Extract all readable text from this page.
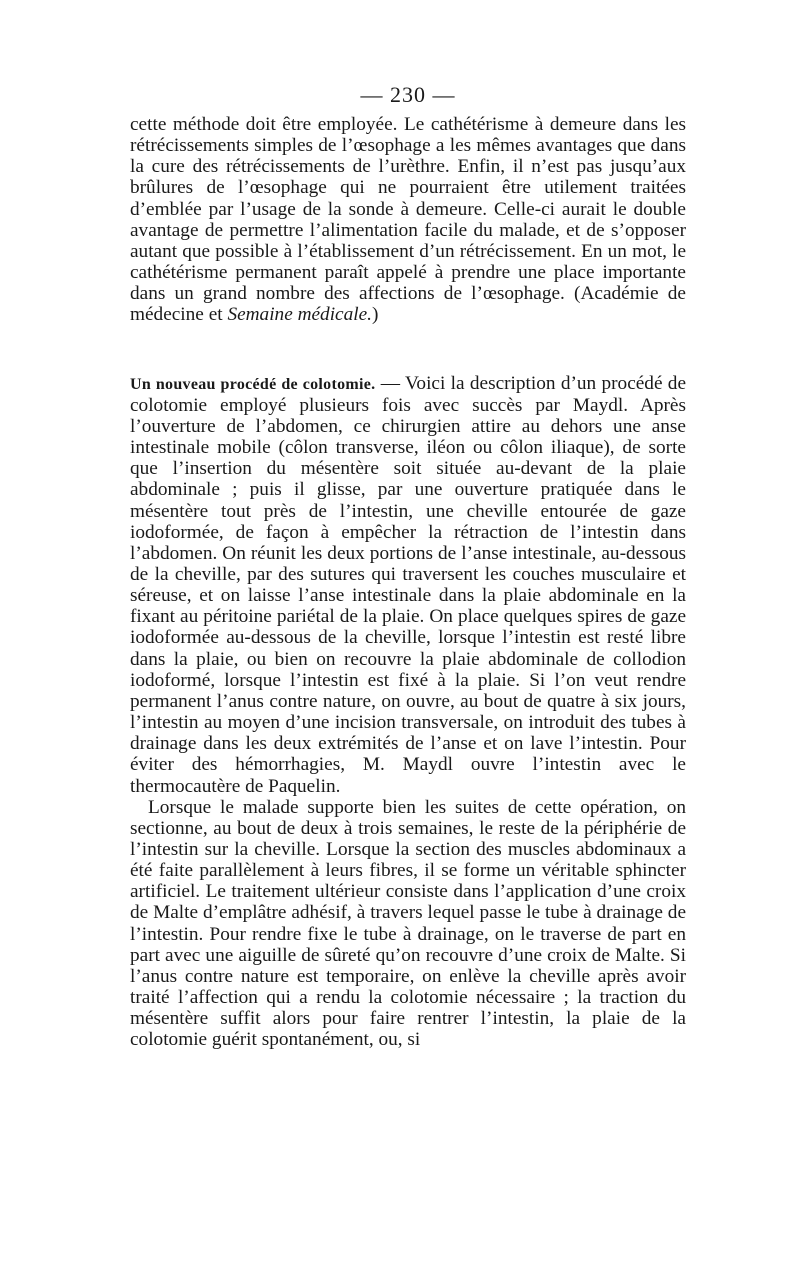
— 230 —

cette méthode doit être employée. Le cathétérisme à demeure dans les rétrécissements simples de l’œsophage a les mêmes avantages que dans la cure des rétrécissements de l’urèthre. Enfin, il n’est pas jusqu’aux brûlures de l’œsophage qui ne pourraient être utilement traitées d’emblée par l’usage de la sonde à demeure. Celle-ci aurait le double avantage de permettre l’alimentation facile du malade, et de s’opposer autant que possible à l’établissement d’un rétrécissement. En un mot, le cathétérisme permanent paraît appelé à prendre une place importante dans un grand nombre des affections de l’œsophage. (Académie de médecine et Semaine médicale.)

Un nouveau procédé de colotomie. — Voici la description d’un procédé de colotomie employé plusieurs fois avec succès par Maydl. Après l’ouverture de l’abdomen, ce chirurgien attire au dehors une anse intestinale mobile (côlon transverse, iléon ou côlon iliaque), de sorte que l’insertion du mésentère soit située au-devant de la plaie abdominale ; puis il glisse, par une ouverture pratiquée dans le mésentère tout près de l’intestin, une cheville entourée de gaze iodoformée, de façon à empêcher la rétraction de l’intestin dans l’abdomen. On réunit les deux portions de l’anse intestinale, au-dessous de la cheville, par des sutures qui traversent les couches musculaire et séreuse, et on laisse l’anse intestinale dans la plaie abdominale en la fixant au péritoine pariétal de la plaie. On place quelques spires de gaze iodoformée au-dessous de la cheville, lorsque l’intestin est resté libre dans la plaie, ou bien on recouvre la plaie abdominale de collodion iodoformé, lorsque l’intestin est fixé à la plaie. Si l’on veut rendre permanent l’anus contre nature, on ouvre, au bout de quatre à six jours, l’intestin au moyen d’une incision transversale, on introduit des tubes à drainage dans les deux extrémités de l’anse et on lave l’intestin. Pour éviter des hémorrhagies, M. Maydl ouvre l’intestin avec le thermocautère de Paquelin.

Lorsque le malade supporte bien les suites de cette opération, on sectionne, au bout de deux à trois semaines, le reste de la périphérie de l’intestin sur la cheville. Lorsque la section des muscles abdominaux a été faite parallèlement à leurs fibres, il se forme un véritable sphincter artificiel. Le traitement ultérieur consiste dans l’application d’une croix de Malte d’emplâtre adhésif, à travers lequel passe le tube à drainage de l’intestin. Pour rendre fixe le tube à drainage, on le traverse de part en part avec une aiguille de sûreté qu’on recouvre d’une croix de Malte. Si l’anus contre nature est temporaire, on enlève la cheville après avoir traité l’affection qui a rendu la colotomie nécessaire ; la traction du mésentère suffit alors pour faire rentrer l’intestin, la plaie de la colotomie guérit spontanément, ou, si
